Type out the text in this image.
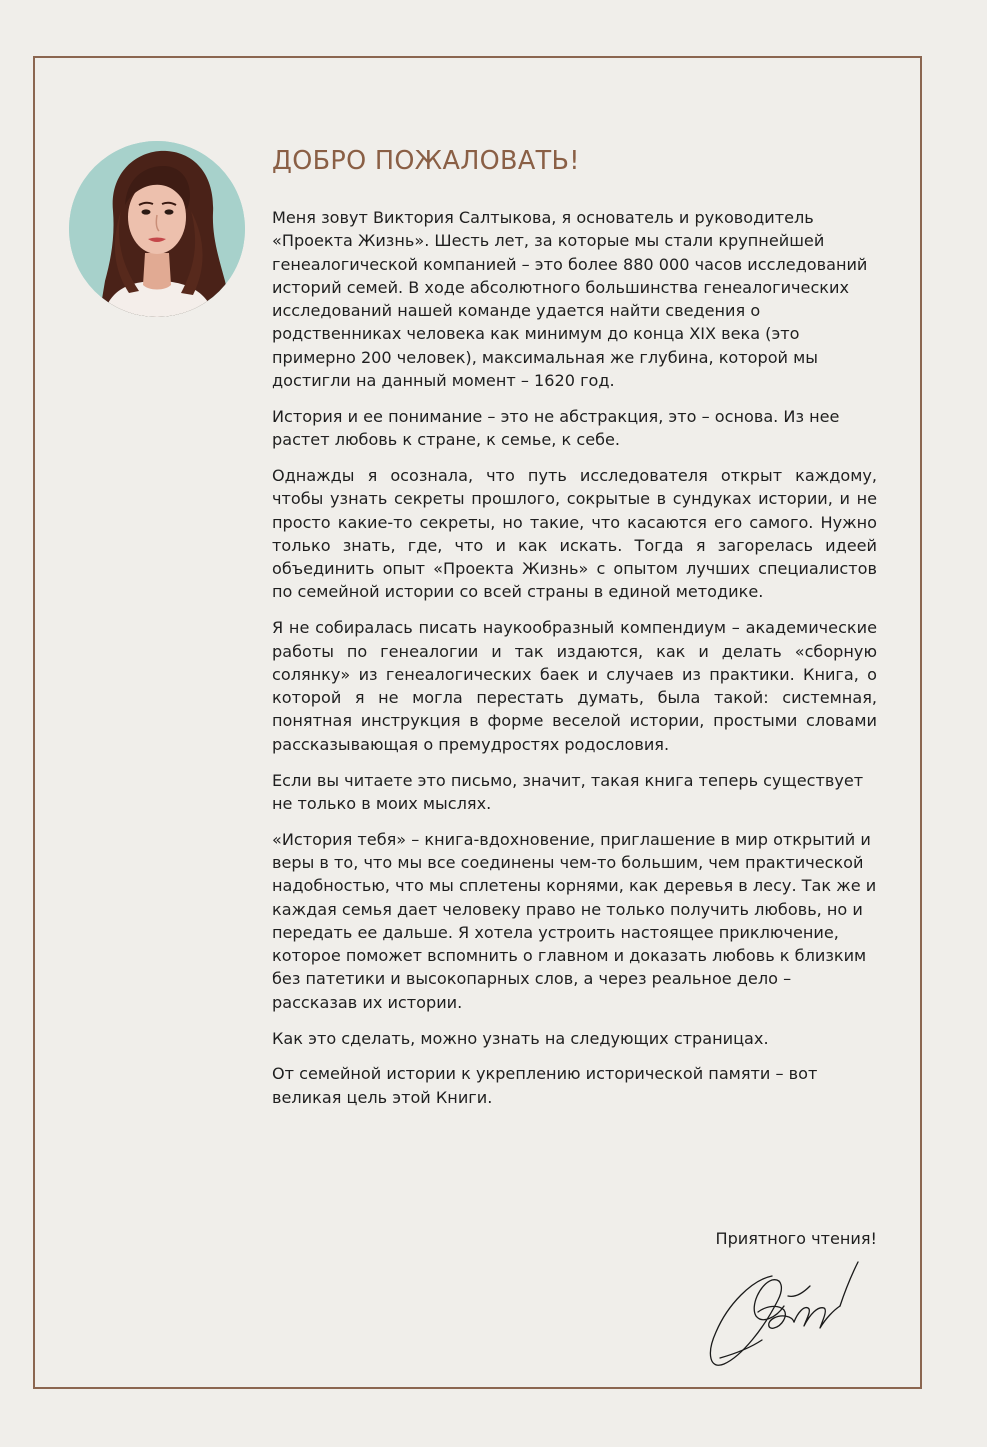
ДОБРО ПОЖАЛОВАТЬ!

Меня зовут Виктория Салтыкова, я основатель и руководитель «Проекта Жизнь». Шесть лет, за которые мы стали крупнейшей генеалогической компанией – это более 880 000 часов исследований историй семей. В ходе абсолютного большинства генеалогических исследований нашей команде удается найти сведения о родственниках человека как минимум до конца XIX века (это примерно 200 человек), максимальная же глубина, которой мы достигли на данный момент – 1620 год.

История и ее понимание – это не абстракция, это – основа. Из нее растет любовь к стране, к семье, к себе.

Однажды я осознала, что путь исследователя открыт каждому, чтобы узнать секреты прошлого, сокрытые в сундуках истории, и не просто какие-то секреты, но такие, что касаются его самого. Нужно только знать, где, что и как искать. Тогда я загорелась идеей объединить опыт «Проекта Жизнь» с опытом лучших специалистов по семейной истории со всей страны в единой методике.

Я не собиралась писать наукообразный компендиум – академические работы по генеалогии и так издаются, как и делать «сборную солянку» из генеалогических баек и случаев из практики. Книга, о которой я не могла перестать думать, была такой: системная, понятная инструкция в форме веселой истории, простыми словами рассказывающая о премудростях родословия.

Если вы читаете это письмо, значит, такая книга теперь существует не только в моих мыслях.

«История тебя» – книга-вдохновение, приглашение в мир открытий и веры в то, что мы все соединены чем-то большим, чем практической надобностью, что мы сплетены корнями, как деревья в лесу. Так же и каждая семья дает человеку право не только получить любовь, но и передать ее дальше. Я хотела устроить настоящее приключение, которое поможет вспомнить о главном и доказать любовь к близким без патетики и высокопарных слов, а через реальное дело – рассказав их истории.

Как это сделать, можно узнать на следующих страницах.

От семейной истории к укреплению исторической памяти – вот великая цель этой Книги.

Приятного чтения!
